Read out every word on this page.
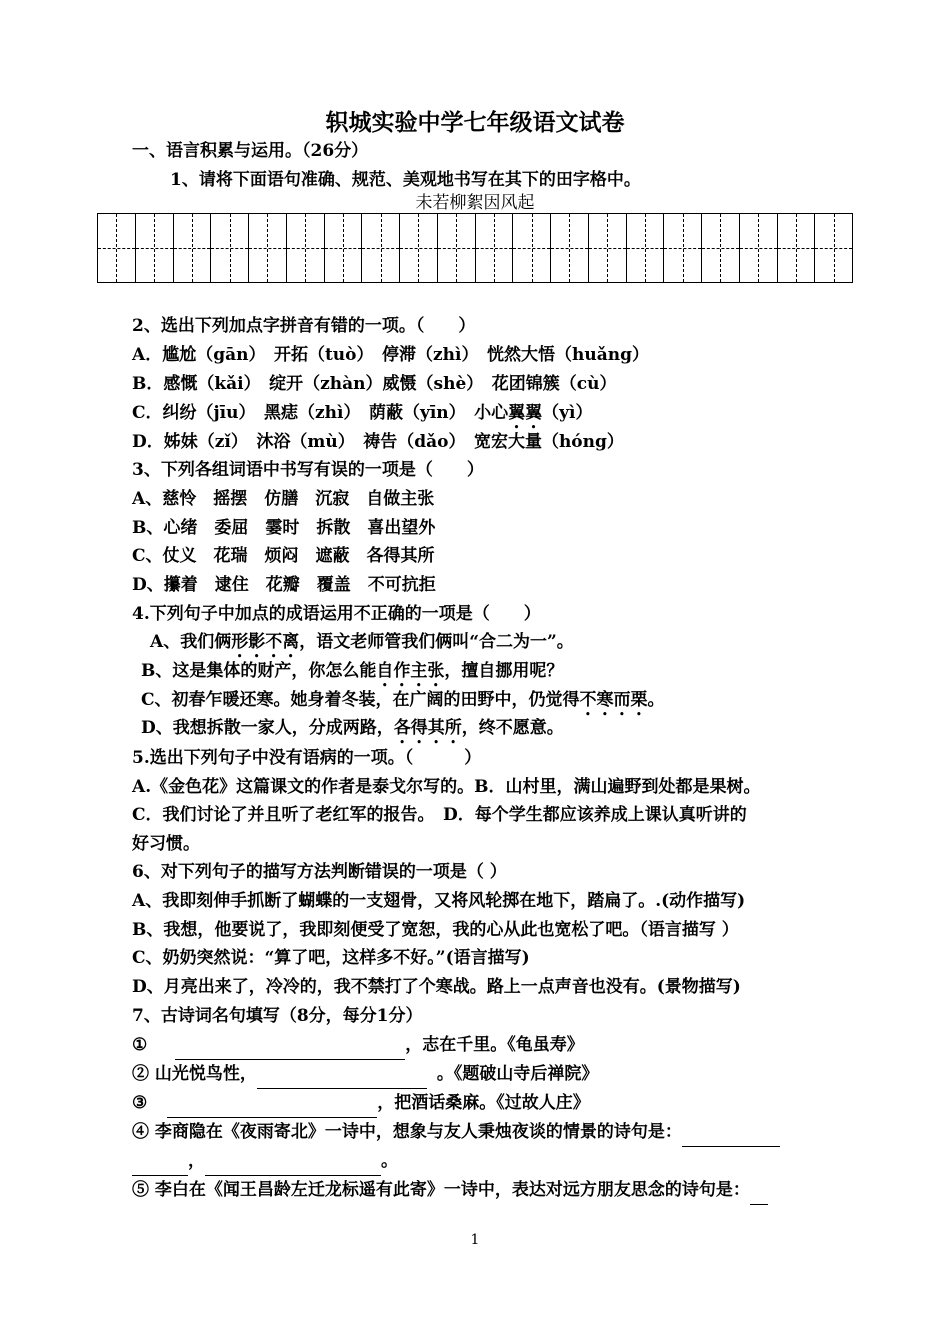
轵城实验中学七年级语文试卷
一、语言积累与运用。（26分）
1、请将下面语句准确、规范、美观地书写在其下的田字格中。
未若柳絮因风起
2、选出下列加点字拼音有错的一项。（　　）
A．尴尬（gān）　开拓（tuò）　停滞（zhì）　恍然大悟（huǎng）
B．感慨（kǎi）　绽开（zhàn）威慑（shè）　花团锦簇（cù）
C．纠纷（jīu）　黑痣（zhì）　荫蔽（yīn）　小心翼翼（yì）
D．姊妹（zǐ）　沐浴（mù）　祷告（dǎo）　宽宏大量（hóng）
3、下列各组词语中书写有误的一项是（　　）
A、慈怜　摇摆　仿膳　沉寂　自做主张
B、心绪　委屈　霎时　拆散　喜出望外
C、仗义　花瑞　烦闷　遮蔽　各得其所
D、攥着　逮住　花瓣　覆盖　不可抗拒
4.下列句子中加点的成语运用不正确的一项是（　　）
A、我们俩形影不离，语文老师管我们俩叫“合二为一”。
B、这是集体的财产，你怎么能自作主张，擅自挪用呢？
C、初春乍暖还寒。她身着冬装，在广阔的田野中，仍觉得不寒而栗。
D、我想拆散一家人，分成两路，各得其所，终不愿意。
5.选出下列句子中没有语病的一项。（　　　）
A.《金色花》这篇课文的作者是泰戈尔写的。B．山村里，满山遍野到处都是果树。
C．我们讨论了并且听了老红军的报告。　D．每个学生都应该养成上课认真听讲的
好习惯。
6、对下列句子的描写方法判断错误的一项是（ ）
A、我即刻伸手抓断了蝴蝶的一支翅骨，又将风轮掷在地下，踏扁了。.(动作描写)
B、我想，他要说了，我即刻便受了宽恕，我的心从此也宽松了吧。（语言描写 ）
C、奶奶突然说：“算了吧，这样多不好。”(语言描写)
D、月亮出来了，冷冷的，我不禁打了个寒战。路上一点声音也没有。(景物描写)
7、古诗词名句填写（8分，每分1分）
①	，志在千里。《龟虽寿》
② 山光悦鸟性，	。《题破山寺后禅院》
③	，把酒话桑麻。《过故人庄》
④ 李商隐在《夜雨寄北》一诗中，想象与友人秉烛夜谈的情景的诗句是：
，	。
⑤ 李白在《闻王昌龄左迁龙标遥有此寄》一诗中，表达对远方朋友思念的诗句是：
1
